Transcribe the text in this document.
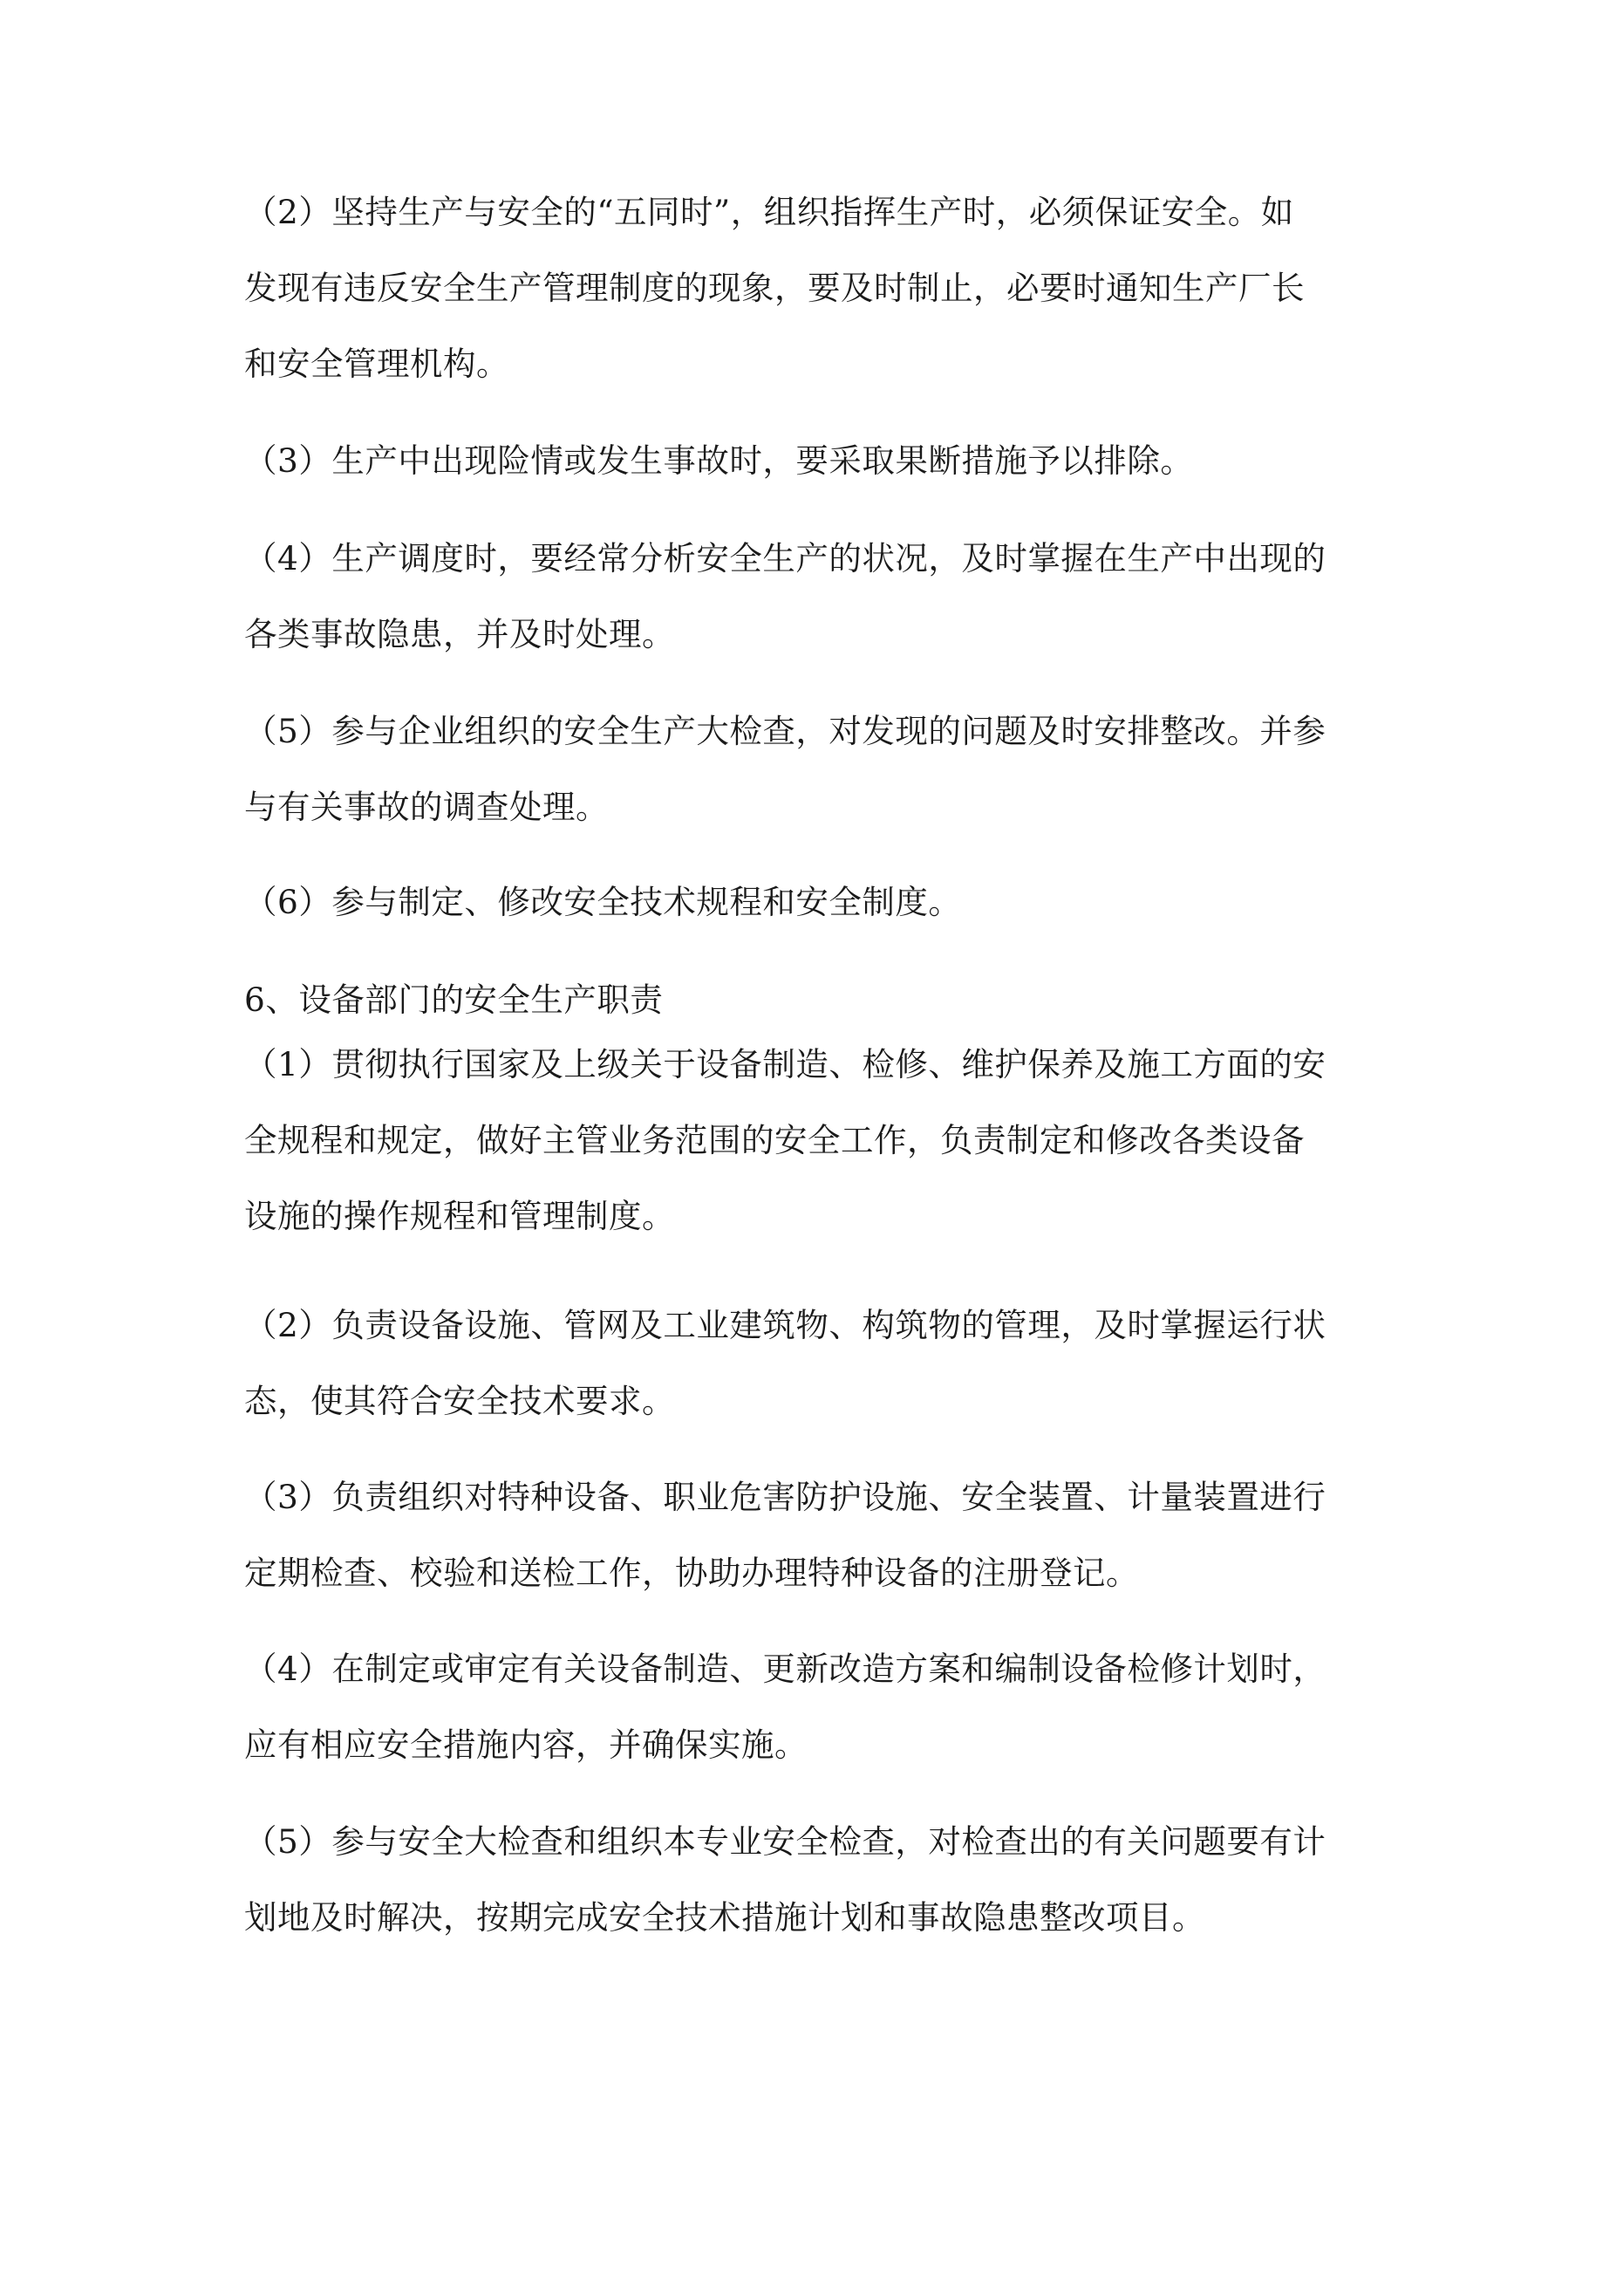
（2）坚持生产与安全的“五同时”，组织指挥生产时，必须保证安全。如
发现有违反安全生产管理制度的现象，要及时制止，必要时通知生产厂长
和安全管理机构。
（3）生产中出现险情或发生事故时，要采取果断措施予以排除。
（4）生产调度时，要经常分析安全生产的状况，及时掌握在生产中出现的
各类事故隐患，并及时处理。
（5）参与企业组织的安全生产大检查，对发现的问题及时安排整改。并参
与有关事故的调查处理。
（6）参与制定、修改安全技术规程和安全制度。
6、设备部门的安全生产职责
（1）贯彻执行国家及上级关于设备制造、检修、维护保养及施工方面的安
全规程和规定，做好主管业务范围的安全工作，负责制定和修改各类设备
设施的操作规程和管理制度。
（2）负责设备设施、管网及工业建筑物、构筑物的管理，及时掌握运行状
态，使其符合安全技术要求。
（3）负责组织对特种设备、职业危害防护设施、安全装置、计量装置进行
定期检查、校验和送检工作，协助办理特种设备的注册登记。
（4）在制定或审定有关设备制造、更新改造方案和编制设备检修计划时，
应有相应安全措施内容，并确保实施。
（5）参与安全大检查和组织本专业安全检查，对检查出的有关问题要有计
划地及时解决，按期完成安全技术措施计划和事故隐患整改项目。
